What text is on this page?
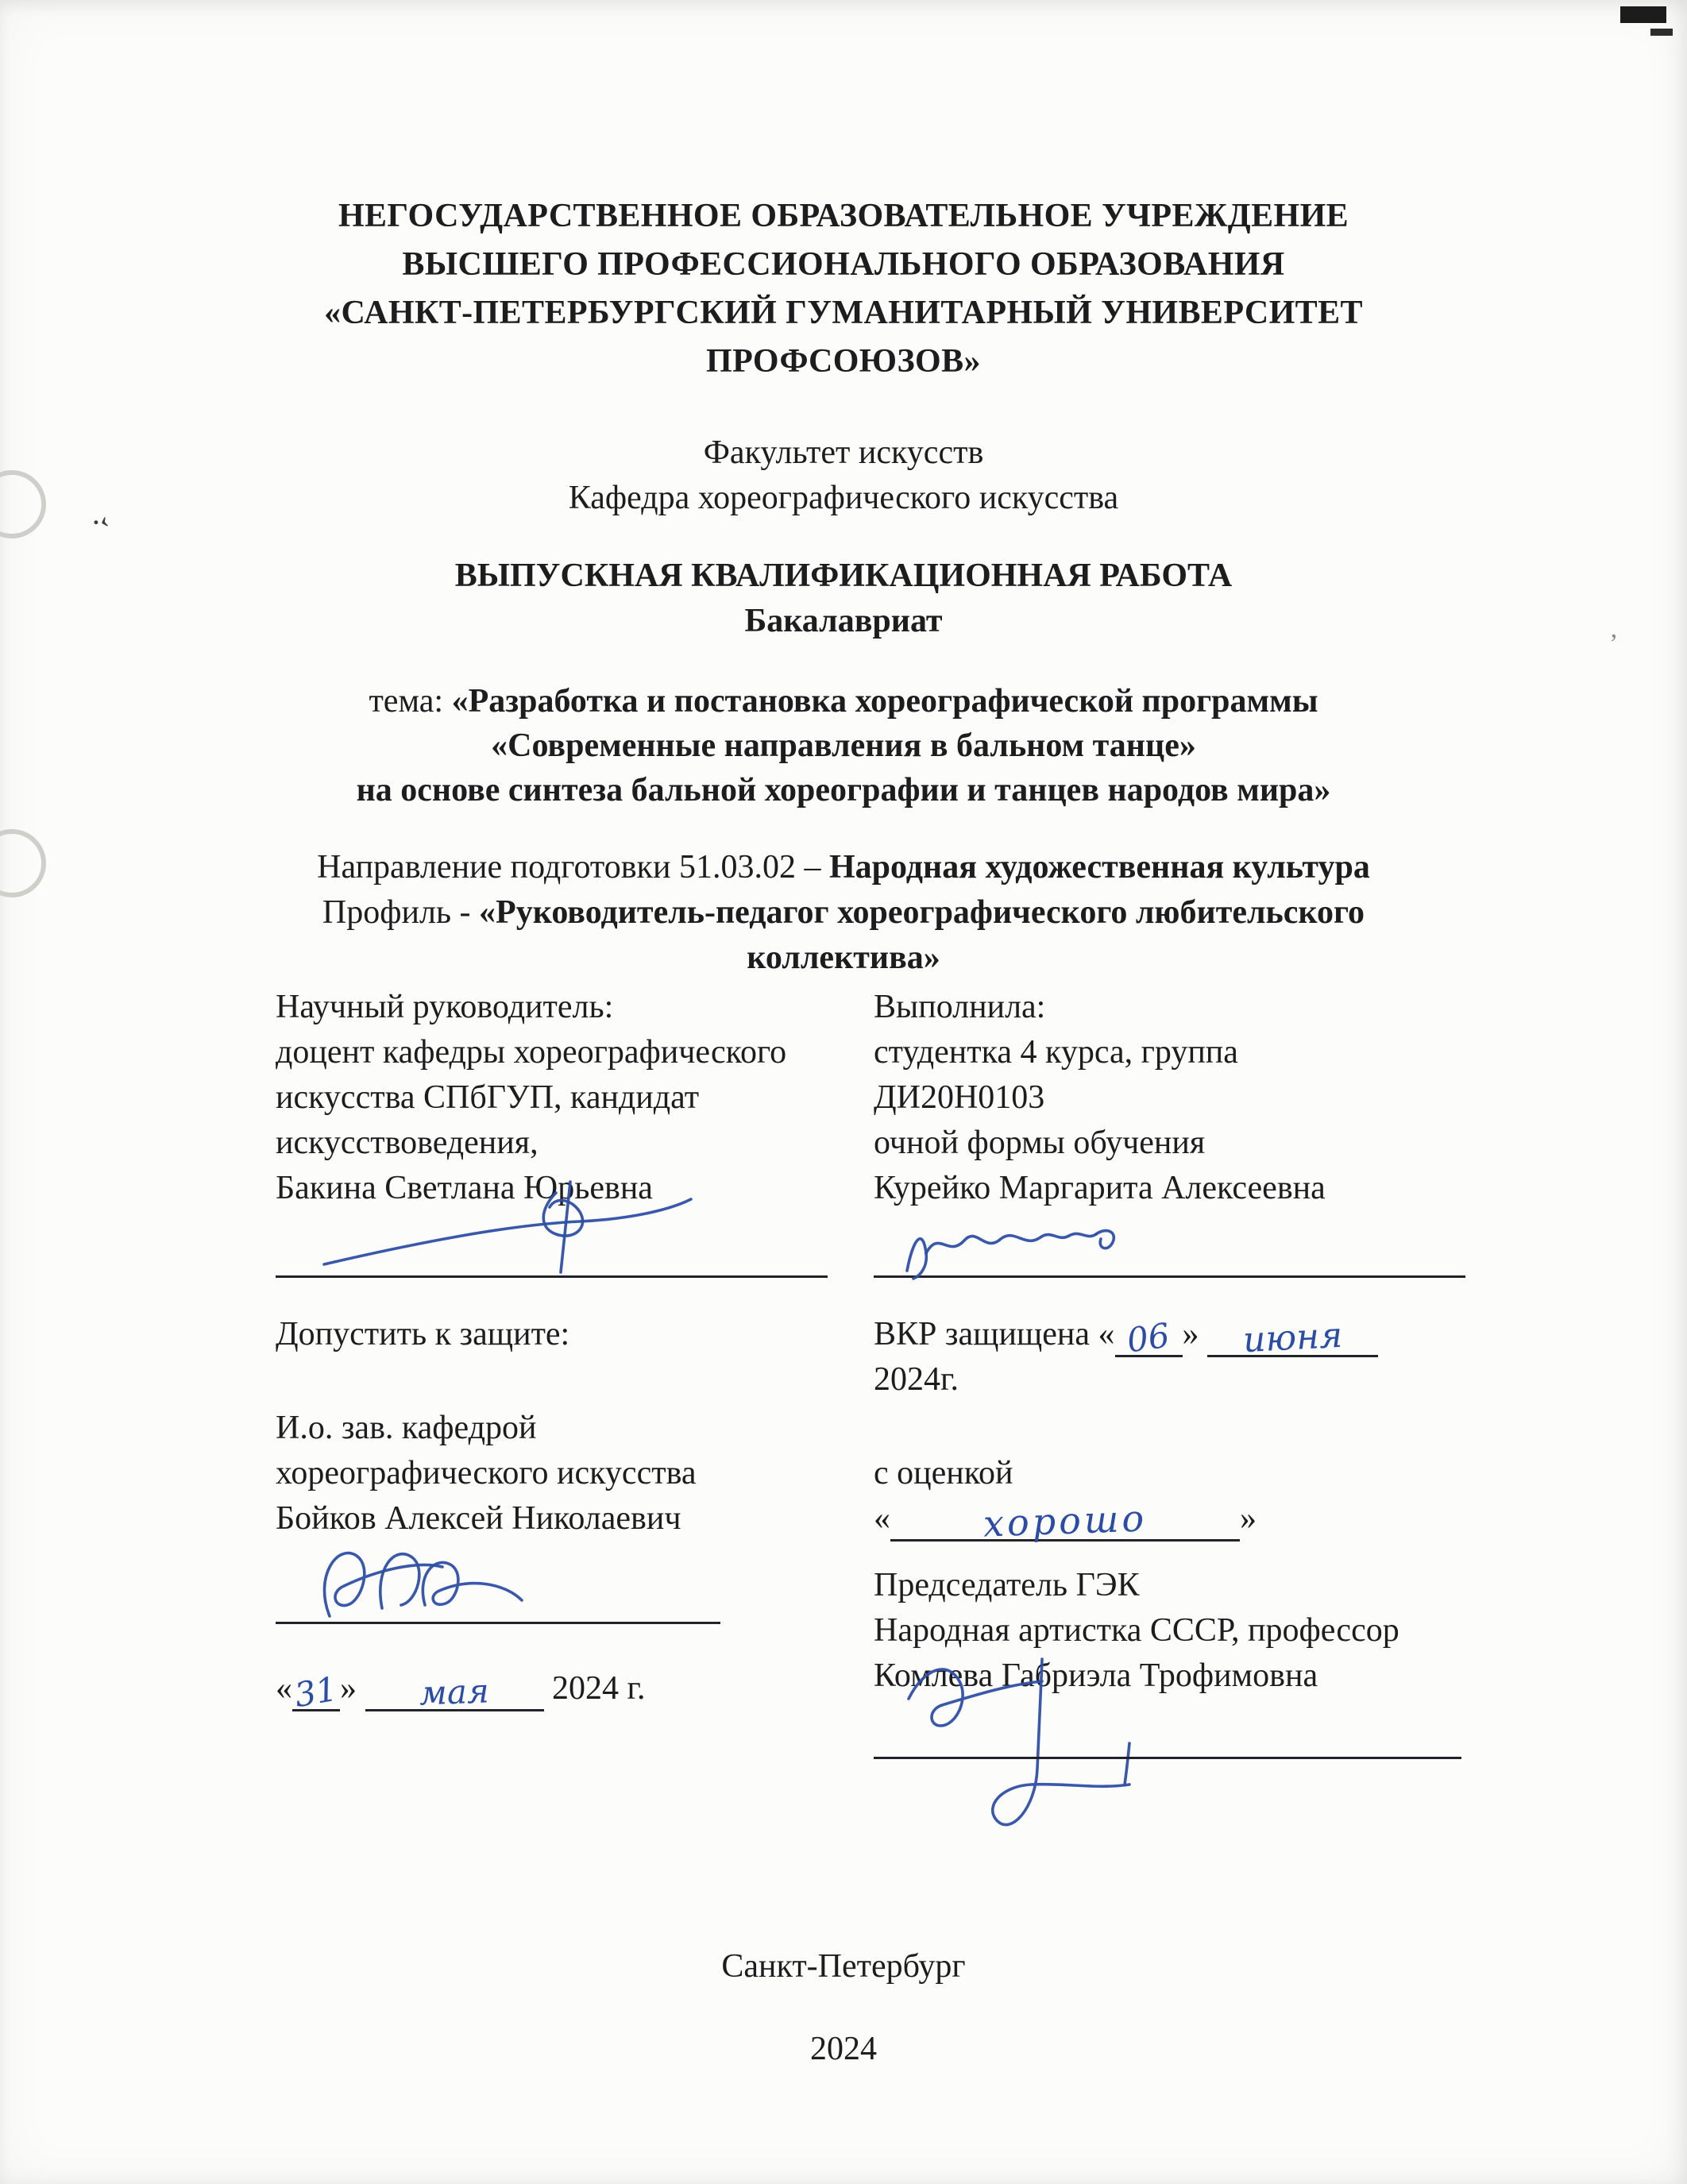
·‹
’
НЕГОСУДАРСТВЕННОЕ ОБРАЗОВАТЕЛЬНОЕ УЧРЕЖДЕНИЕ
ВЫСШЕГО ПРОФЕССИОНАЛЬНОГО ОБРАЗОВАНИЯ
«САНКТ-ПЕТЕРБУРГСКИЙ ГУМАНИТАРНЫЙ УНИВЕРСИТЕТ
ПРОФСОЮЗОВ»
Факультет искусств
Кафедра хореографического искусства
ВЫПУСКНАЯ КВАЛИФИКАЦИОННАЯ РАБОТА
Бакалавриат
тема: «Разработка и постановка хореографической программы
«Современные направления в бальном танце»
на основе синтеза бальной хореографии и танцев народов мира»
Направление подготовки 51.03.02 – Народная художественная культура
Профиль - «Руководитель-педагог хореографического любительского
коллектива»
Научный руководитель:
доцент кафедры хореографического
искусства СПбГУП, кандидат
искусствоведения,
Бакина Светлана Юрьевна
Выполнила:
студентка 4 курса, группа
ДИ20Н0103
очной формы обучения
Курейко Маргарита Алексеевна
Допустить к защите:	ВКР защищена « 06 » июня
2024г.
И.о. зав. кафедрой
хореографического искусства
Бойков Алексей Николаевич
с оценкой
«	хорошо	»
Председатель ГЭК
Народная артистка СССР, профессор
Комлева Габриэла Трофимовна
«31» мая 2024 г.
Санкт-Петербург
2024
